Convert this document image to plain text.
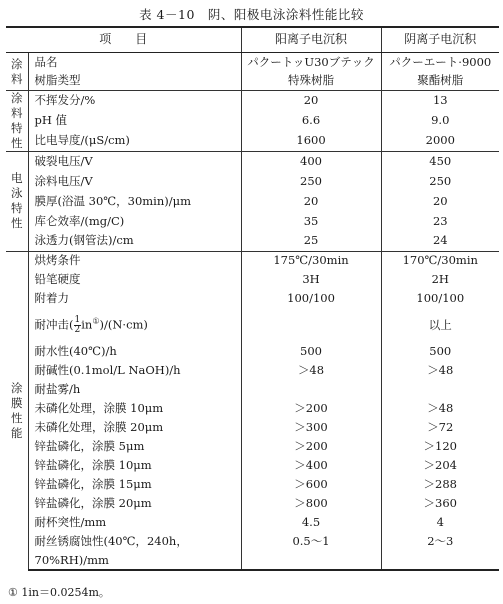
表 4－10　阴、阳极电泳涂料性能比较
项　　目		阳离子电沉积	阴离子电沉积

涂
料	品名	パクートッU30ブテック	パクーエート·9000
	树脂类型	特殊树脂	聚酯树脂

涂
料
特
性	不挥发分/%	20	13
	pH 值	6.6	9.0
	比电导度/(μS/cm)	1600	2000

电
泳
特
性	破裂电压/V	400	450
	涂料电压/V	250	250
	膜厚(浴温 30℃，30min)/μm	20	20
	库仑效率/(mg/C)	35	23
	泳透力(钢管法)/cm	25	24

涂
膜
性
能	烘烤条件	175℃/30min	170℃/30min
	铅笔硬度	3H	2H
	附着力	100/100	100/100
	耐冲击( $\frac{1}{2} in^①)/(N\cdot cm)$		以上
	耐水性(40℃)/h	500	500
	耐碱性(0.1mol/L NaOH)/h	＞48	＞48
	耐盐雾/h		
	未磷化处理，涂膜 10μm	＞200	＞48
	未磷化处理，涂膜 20μm	＞300	＞72
	锌盐磷化，涂膜 5μm	＞200	＞120
	锌盐磷化，涂膜 10μm	＞400	＞204
	锌盐磷化，涂膜 15μm	＞600	＞288
	锌盐磷化，涂膜 20μm	＞800	＞360
	耐杯突性/mm	4.5	4
	耐丝锈腐蚀性(40℃，240h，	0.5～1	2～3
	70%RH)/mm		
① 1in＝0.0254m。
